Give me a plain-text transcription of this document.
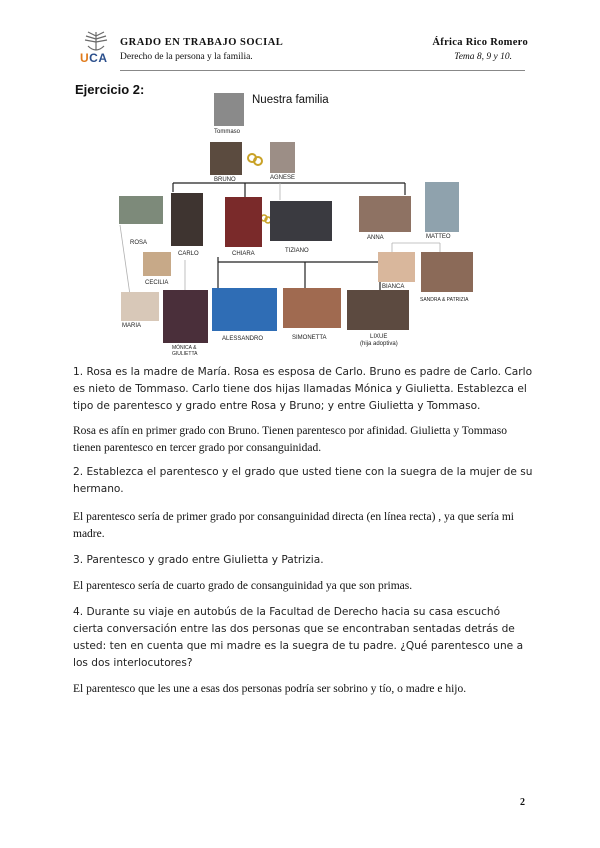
UCA
GRADO EN TRABAJO SOCIAL
Derecho de la persona y la familia.
África Rico Romero
Tema 8, 9 y 10.
Ejercicio 2:
Nuestra familia
Tommaso
BRUNO	AGNESE
ROSA
CARLO	CHIARA	TIZIANO
ANNA	MATTEO
CECILIA
BIANCA
SANDRA & PATRIZIA
MARIA
MÓNICA &
GIULIETTA
ALESSANDRO	SIMONETTA	LIXUE
(hija adoptiva)
1. Rosa es la madre de María. Rosa es esposa de Carlo. Bruno es padre de Carlo. Carlo es nieto de Tommaso. Carlo tiene dos hijas llamadas Mónica y Giulietta. Establezca el tipo de parentesco y grado entre Rosa y Bruno; y entre Giulietta y Tommaso.
Rosa es afín en primer grado con Bruno. Tienen parentesco por afinidad. Giulietta y Tommaso tienen parentesco en tercer grado por consanguinidad.
2. Establezca el parentesco y el grado que usted tiene con la suegra de la mujer de su hermano.
El parentesco sería de primer grado por consanguinidad directa (en línea recta) , ya que sería mi madre.
3. Parentesco y grado entre Giulietta y Patrizia.
El parentesco sería de cuarto grado de consanguinidad ya que son primas.
4. Durante su viaje en autobús de la Facultad de Derecho hacia su casa escuchó cierta conversación entre las dos personas que se encontraban sentadas detrás de usted: ten en cuenta que mi madre es la suegra de tu padre. ¿Qué parentesco une a los dos interlocutores?
El parentesco que les une a esas dos personas podría ser sobrino y tío, o madre e hijo.
2
